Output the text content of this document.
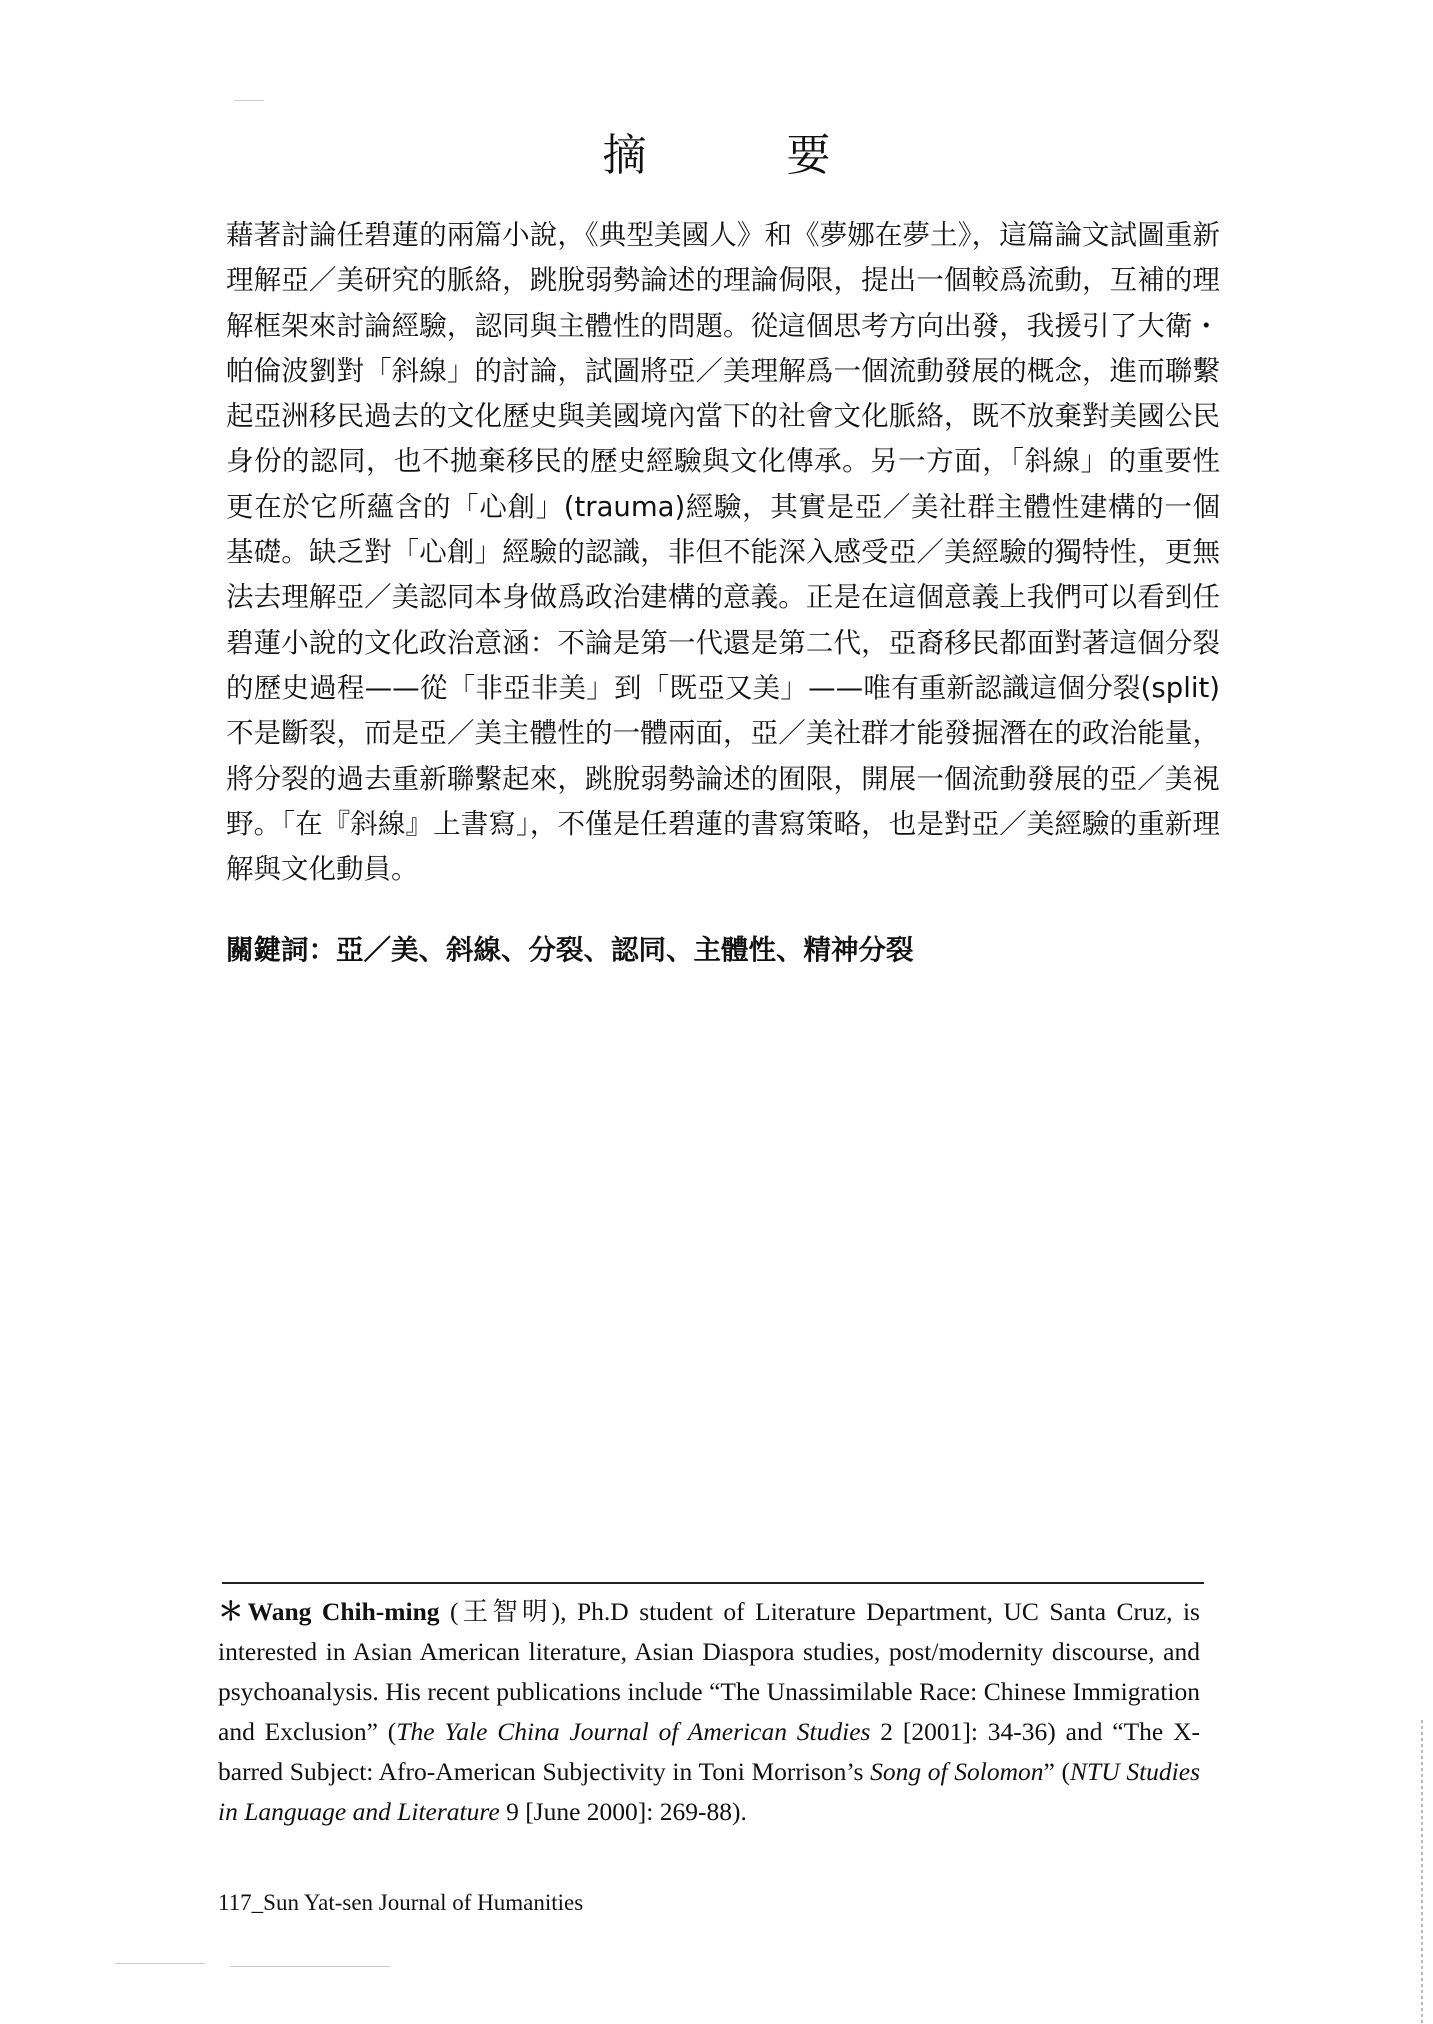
摘　要

藉著討論任碧蓮的兩篇小說，《典型美國人》和《夢娜在夢土》，這篇論文試圖重新理解亞／美研究的脈絡，跳脫弱勢論述的理論侷限，提出一個較爲流動，互補的理解框架來討論經驗，認同與主體性的問題。從這個思考方向出發，我援引了大衛・帕倫波劉對「斜線」的討論，試圖將亞／美理解爲一個流動發展的概念，進而聯繫起亞洲移民過去的文化歷史與美國境內當下的社會文化脈絡，既不放棄對美國公民身份的認同，也不拋棄移民的歷史經驗與文化傳承。另一方面，「斜線」的重要性更在於它所蘊含的「心創」(trauma)經驗，其實是亞／美社群主體性建構的一個基礎。缺乏對「心創」經驗的認識，非但不能深入感受亞／美經驗的獨特性，更無法去理解亞／美認同本身做爲政治建構的意義。正是在這個意義上我們可以看到任碧蓮小說的文化政治意涵：不論是第一代還是第二代，亞裔移民都面對著這個分裂的歷史過程——從「非亞非美」到「既亞又美」——唯有重新認識這個分裂(split)不是斷裂，而是亞／美主體性的一體兩面，亞／美社群才能發掘潛在的政治能量，將分裂的過去重新聯繫起來，跳脫弱勢論述的囿限，開展一個流動發展的亞／美視野。「在『斜線』上書寫」，不僅是任碧蓮的書寫策略，也是對亞／美經驗的重新理解與文化動員。

關鍵詞：亞／美、斜線、分裂、認同、主體性、精神分裂

＊Wang Chih-ming (王智明), Ph.D student of Literature Department, UC Santa Cruz, is interested in Asian American literature, Asian Diaspora studies, post/modernity discourse, and psychoanalysis. His recent publications include “The Unassimilable Race: Chinese Immigration and Exclusion” (The Yale China Journal of American Studies 2 [2001]: 34-36) and “The X-barred Subject: Afro-American Subjectivity in Toni Morrison’s Song of Solomon” (NTU Studies in Language and Literature 9 [June 2000]: 269-88).

117_Sun Yat-sen Journal of Humanities
